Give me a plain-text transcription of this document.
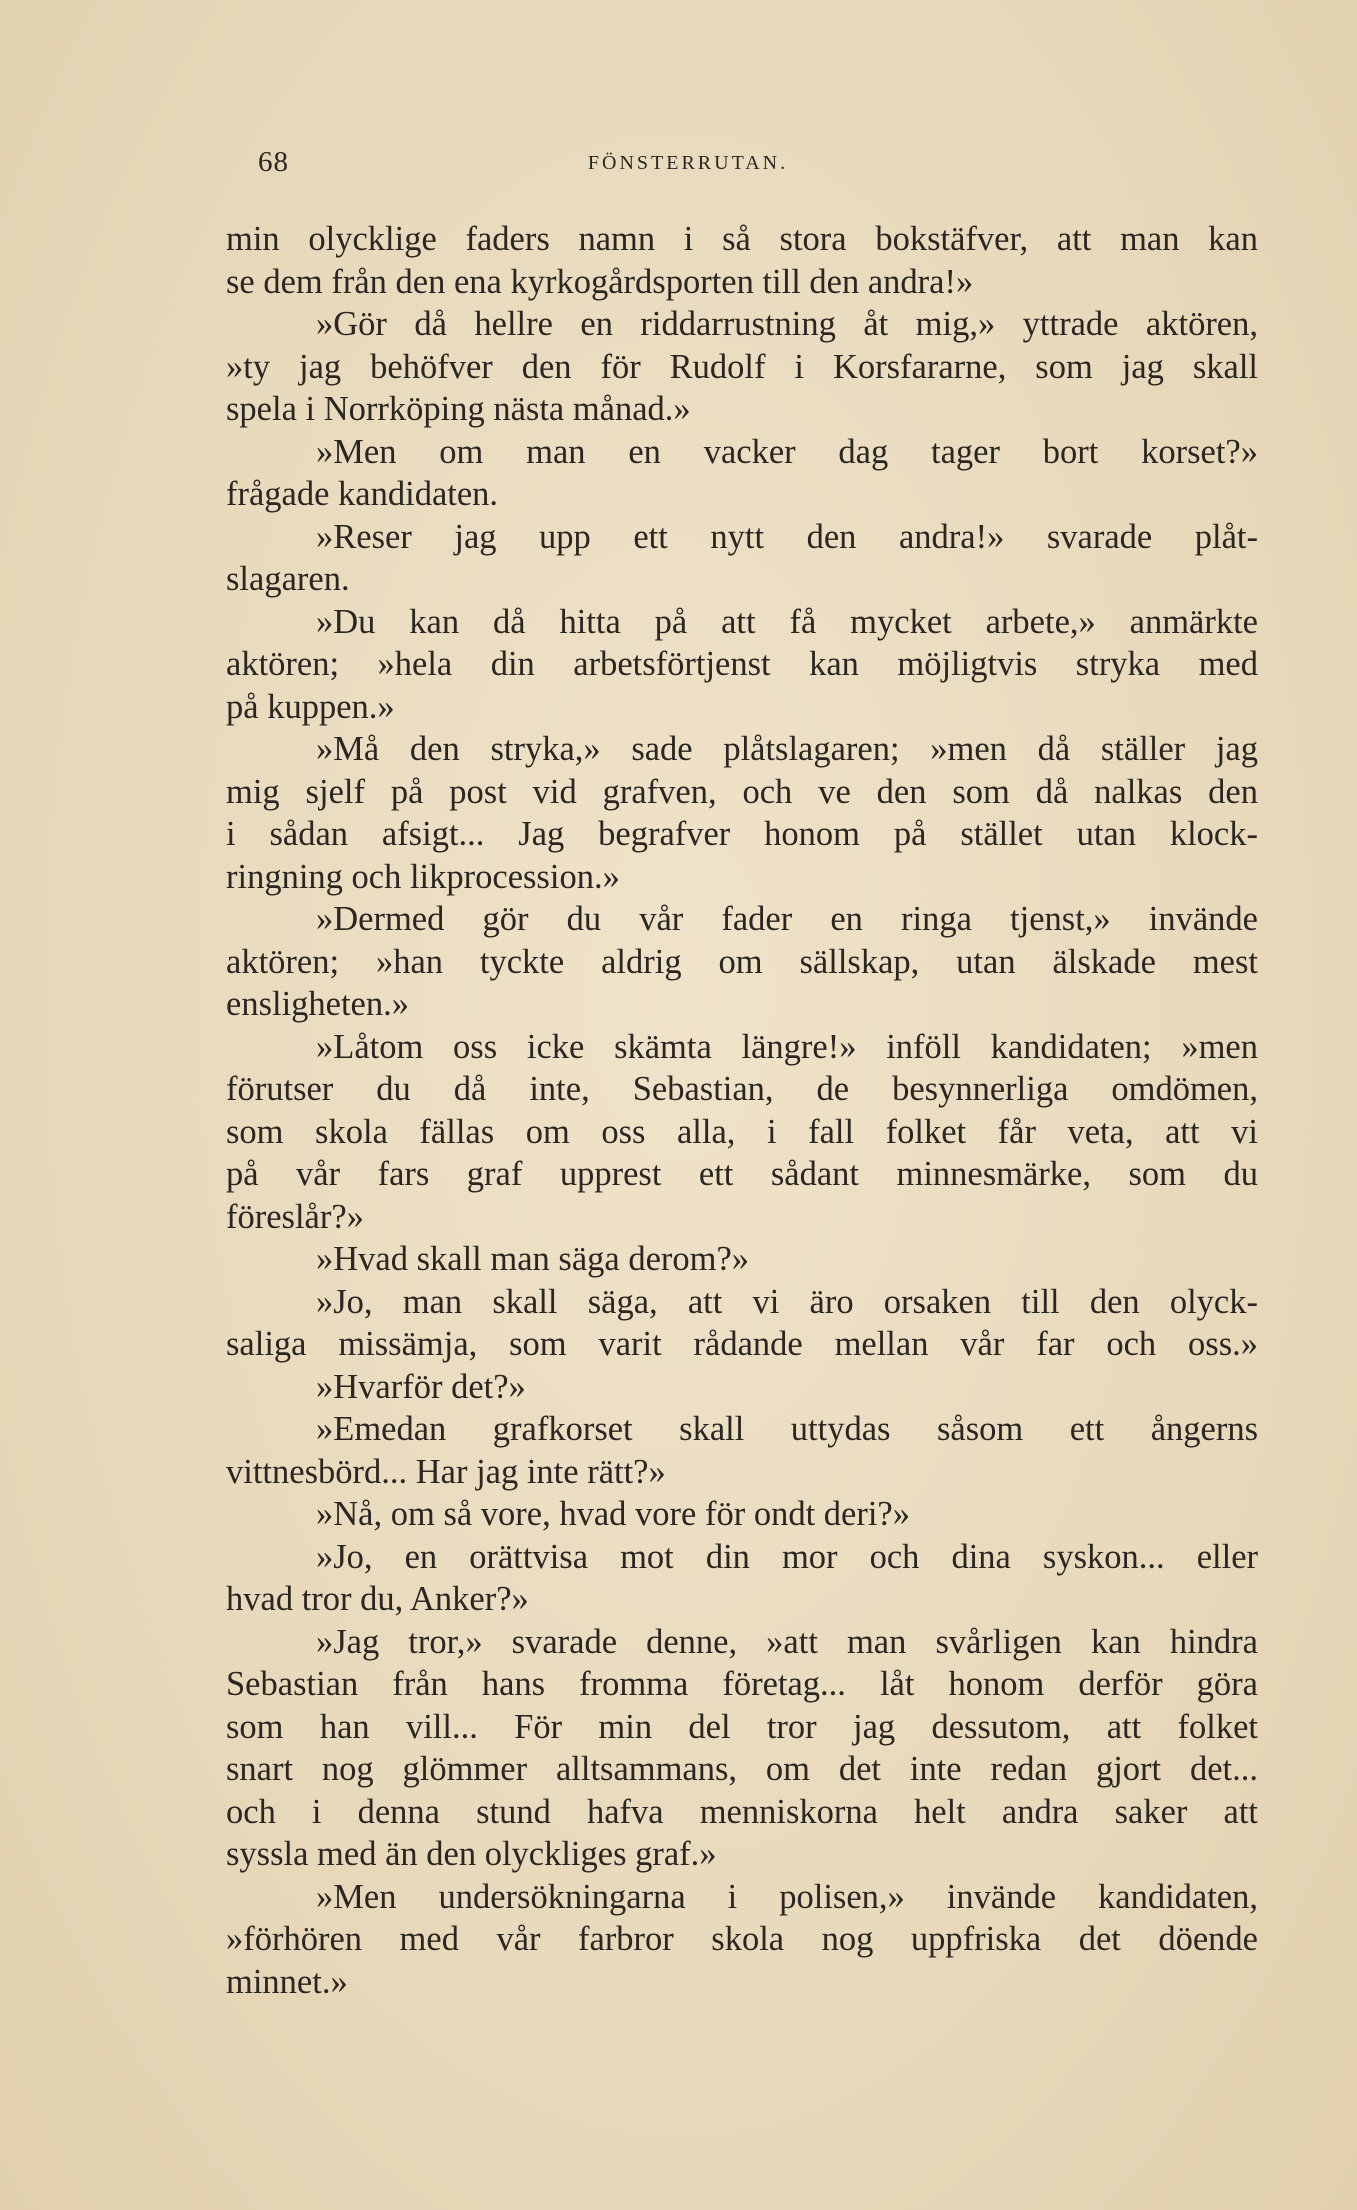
68	FÖNSTERRUTAN.
min olycklige faders namn i så stora bokstäfver, att man kan
se dem från den ena kyrkogårdsporten till den andra!»
»Gör då hellre en riddarrustning åt mig,» yttrade aktören,
»ty jag behöfver den för Rudolf i Korsfararne, som jag skall
spela i Norrköping nästa månad.»
»Men om man en vacker dag tager bort korset?»
frågade kandidaten.
»Reser jag upp ett nytt den andra!» svarade plåt-
slagaren.
»Du kan då hitta på att få mycket arbete,» anmärkte
aktören; »hela din arbetsförtjenst kan möjligtvis stryka med
på kuppen.»
»Må den stryka,» sade plåtslagaren; »men då ställer jag
mig sjelf på post vid grafven, och ve den som då nalkas den
i sådan afsigt... Jag begrafver honom på stället utan klock-
ringning och likprocession.»
»Dermed gör du vår fader en ringa tjenst,» invände
aktören; »han tyckte aldrig om sällskap, utan älskade mest
ensligheten.»
»Låtom oss icke skämta längre!» inföll kandidaten; »men
förutser du då inte, Sebastian, de besynnerliga omdömen,
som skola fällas om oss alla, i fall folket får veta, att vi
på vår fars graf upprest ett sådant minnesmärke, som du
föreslår?»
»Hvad skall man säga derom?»
»Jo, man skall säga, att vi äro orsaken till den olyck-
saliga missämja, som varit rådande mellan vår far och oss.»
»Hvarför det?»
»Emedan grafkorset skall uttydas såsom ett ångerns
vittnesbörd... Har jag inte rätt?»
»Nå, om så vore, hvad vore för ondt deri?»
»Jo, en orättvisa mot din mor och dina syskon... eller
hvad tror du, Anker?»
»Jag tror,» svarade denne, »att man svårligen kan hindra
Sebastian från hans fromma företag... låt honom derför göra
som han vill... För min del tror jag dessutom, att folket
snart nog glömmer alltsammans, om det inte redan gjort det...
och i denna stund hafva menniskorna helt andra saker att
syssla med än den olyckliges graf.»
»Men undersökningarna i polisen,» invände kandidaten,
»förhören med vår farbror skola nog uppfriska det döende
minnet.»
